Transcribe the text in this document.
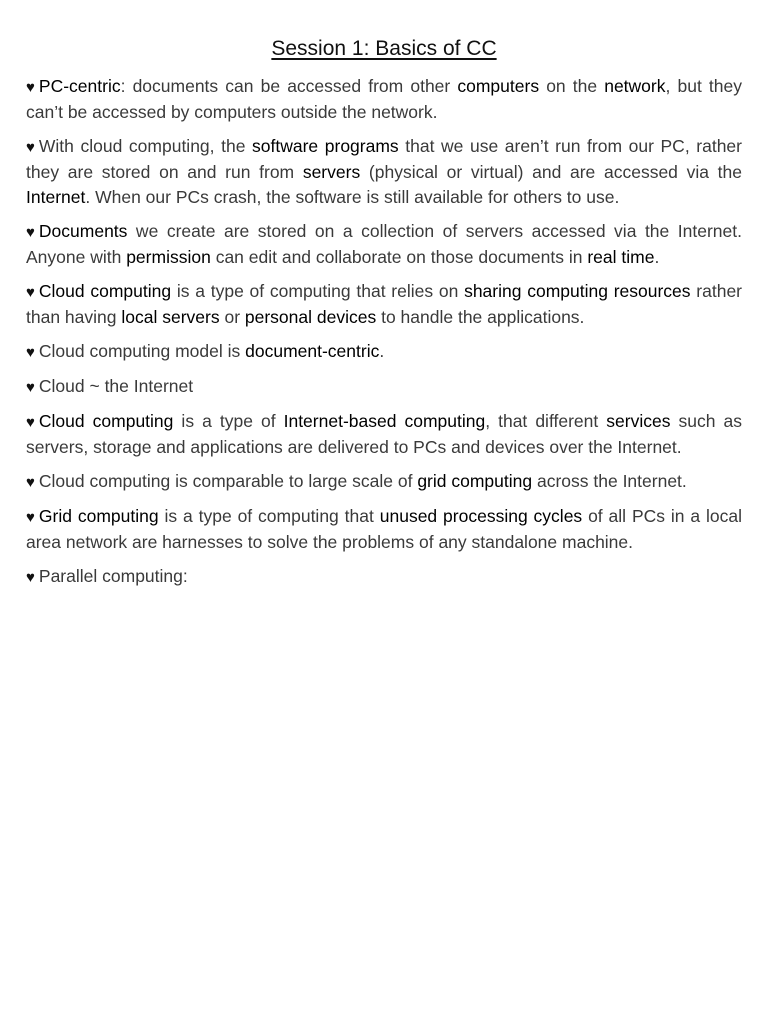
Session 1: Basics of CC

♥ PC-centric: documents can be accessed from other computers on the network, but they can’t be accessed by computers outside the network.

♥ With cloud computing, the software programs that we use aren’t run from our PC, rather they are stored on and run from servers (physical or virtual) and are accessed via the Internet. When our PCs crash, the software is still available for others to use.

♥ Documents we create are stored on a collection of servers accessed via the Internet. Anyone with permission can edit and collaborate on those documents in real time.

♥ Cloud computing is a type of computing that relies on sharing computing resources rather than having local servers or personal devices to handle the applications.

♥ Cloud computing model is document-centric.

♥ Cloud ~ the Internet

♥ Cloud computing is a type of Internet-based computing, that different services such as servers, storage and applications are delivered to PCs and devices over the Internet.

♥ Cloud computing is comparable to large scale of grid computing across the Internet.

♥ Grid computing is a type of computing that unused processing cycles of all PCs in a local area network are harnesses to solve the problems of any standalone machine.

♥ Parallel computing:
